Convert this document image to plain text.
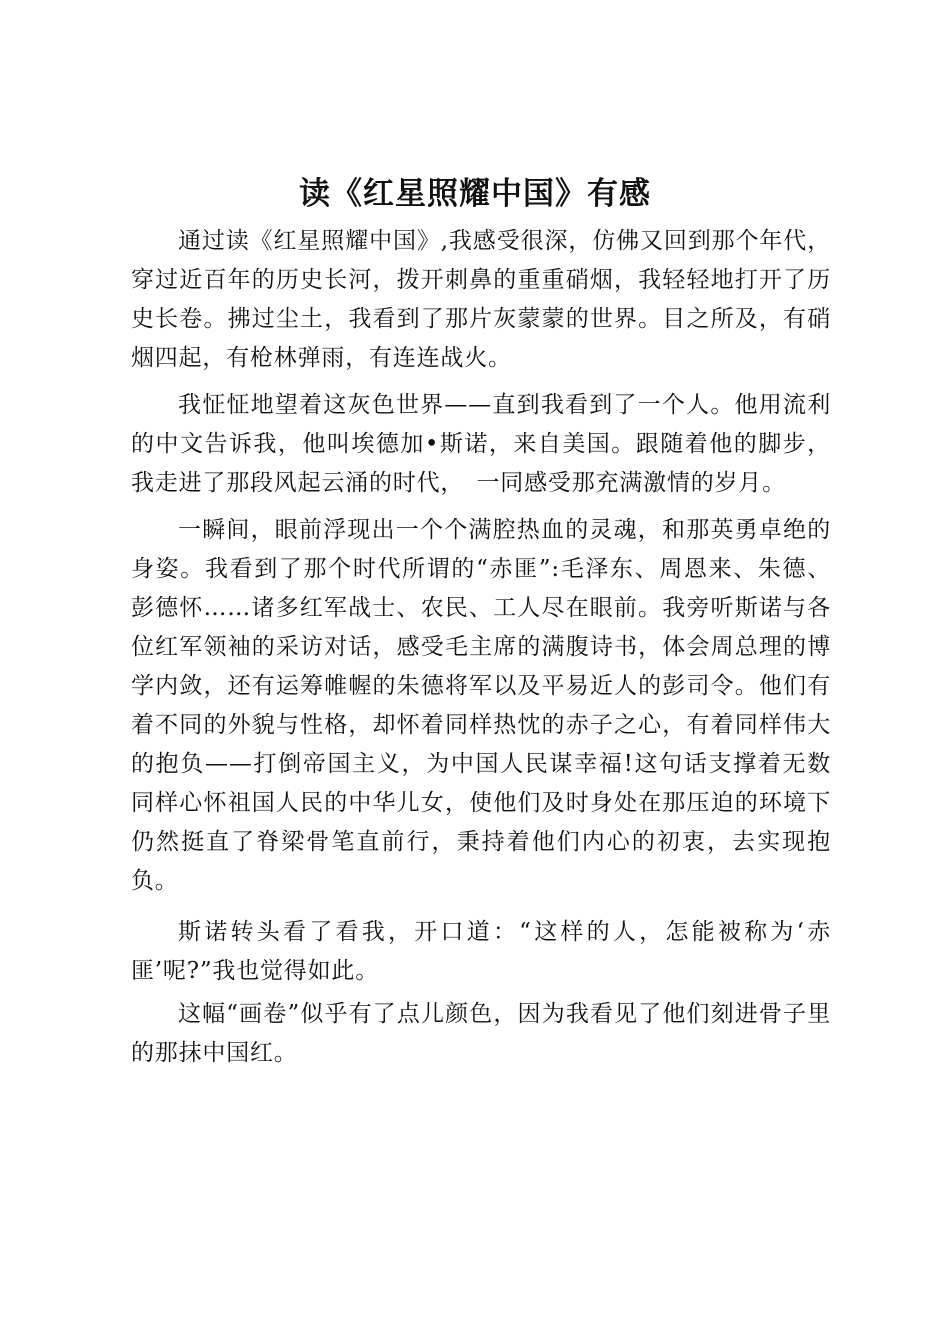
读《红星照耀中国》有感

通过读《红星照耀中国》,我感受很深，仿佛又回到那个年代，穿过近百年的历史长河，拨开刺鼻的重重硝烟，我轻轻地打开了历史长卷。拂过尘土，我看到了那片灰蒙蒙的世界。目之所及，有硝烟四起，有枪林弹雨，有连连战火。

我怔怔地望着这灰色世界——直到我看到了一个人。他用流利的中文告诉我，他叫埃德加•斯诺，来自美国。跟随着他的脚步，我走进了那段风起云涌的时代，　一同感受那充满激情的岁月。

一瞬间，眼前浮现出一个个满腔热血的灵魂，和那英勇卓绝的身姿。我看到了那个时代所谓的“赤匪”:毛泽东、周恩来、朱德、彭德怀……诸多红军战士、农民、工人尽在眼前。我旁听斯诺与各位红军领袖的采访对话，感受毛主席的满腹诗书，体会周总理的博学内敛，还有运筹帷幄的朱德将军以及平易近人的彭司令。他们有着不同的外貌与性格，却怀着同样热忱的赤子之心，有着同样伟大的抱负——打倒帝国主义，为中国人民谋幸福!这句话支撑着无数同样心怀祖国人民的中华儿女，使他们及时身处在那压迫的环境下仍然挺直了脊梁骨笔直前行，秉持着他们内心的初衷，去实现抱负。

斯诺转头看了看我，开口道：“这样的人，怎能被称为‘赤匪’呢?”我也觉得如此。

这幅“画卷”似乎有了点儿颜色，因为我看见了他们刻进骨子里的那抹中国红。
